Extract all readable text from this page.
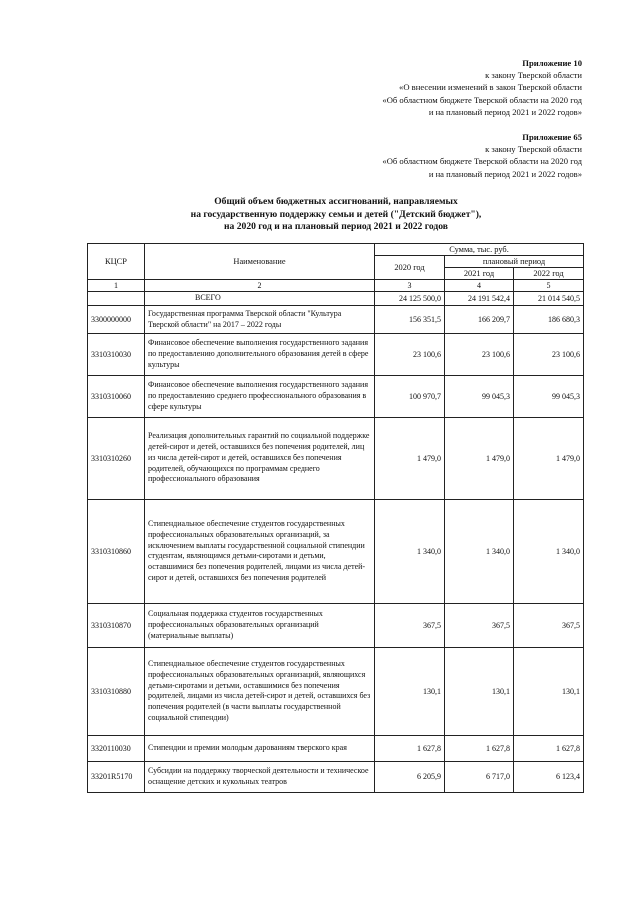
Приложение 10
к закону Тверской области
«О внесении изменений в закон Тверской области
«Об областном бюджете Тверской области на 2020 год
и на плановый период 2021 и 2022 годов»
Приложение 65
к закону Тверской области
«Об областном бюджете Тверской области на 2020 год
и на плановый период 2021 и 2022 годов»
Общий объем бюджетных ассигнований, направляемых
на государственную поддержку семьи и детей ("Детский бюджет"),
на 2020 год и на плановый период 2021 и 2022 годов
КЦСР	Наименование	Сумма, тыс. руб.		
		2020 год	плановый период	
			2021 год	2022 год
1	2	3	4	5
	ВСЕГО	24 125 500,0	24 191 542,4	21 014 540,5
3300000000	Государственная программа Тверской области "Культура Тверской области" на 2017 – 2022 годы	156 351,5	166 209,7	186 680,3
3310310030	Финансовое обеспечение выполнения государственного задания по предоставлению дополнительного образования детей в сфере культуры	23 100,6	23 100,6	23 100,6
3310310060	Финансовое обеспечение выполнения государственного задания по предоставлению среднего профессионального образования в сфере культуры	100 970,7	99 045,3	99 045,3
3310310260	Реализация дополнительных гарантий по социальной поддержке детей-сирот и детей, оставшихся без попечения родителей, лиц из числа детей-сирот и детей, оставшихся без попечения родителей, обучающихся по программам среднего профессионального образования	1 479,0	1 479,0	1 479,0
3310310860	Стипендиальное обеспечение студентов государственных профессиональных образовательных организаций, за исключением выплаты государственной социальной стипендии студентам, являющимся детьми-сиротами и детьми, оставшимися без попечения родителей, лицами из числа детей-сирот и детей, оставшихся без попечения родителей	1 340,0	1 340,0	1 340,0
3310310870	Социальная поддержка студентов государственных профессиональных образовательных организаций (материальные выплаты)	367,5	367,5	367,5
3310310880	Стипендиальное обеспечение студентов государственных профессиональных образовательных организаций, являющихся детьми-сиротами и детьми, оставшимися без попечения родителей, лицами из числа детей-сирот и детей, оставшихся без попечения родителей (в части выплаты государственной социальной стипендии)	130,1	130,1	130,1
3320110030	Стипендии и премии молодым дарованиям тверского края	1 627,8	1 627,8	1 627,8
33201R5170	Субсидии на поддержку творческой деятельности и техническое оснащение детских и кукольных театров	6 205,9	6 717,0	6 123,4
